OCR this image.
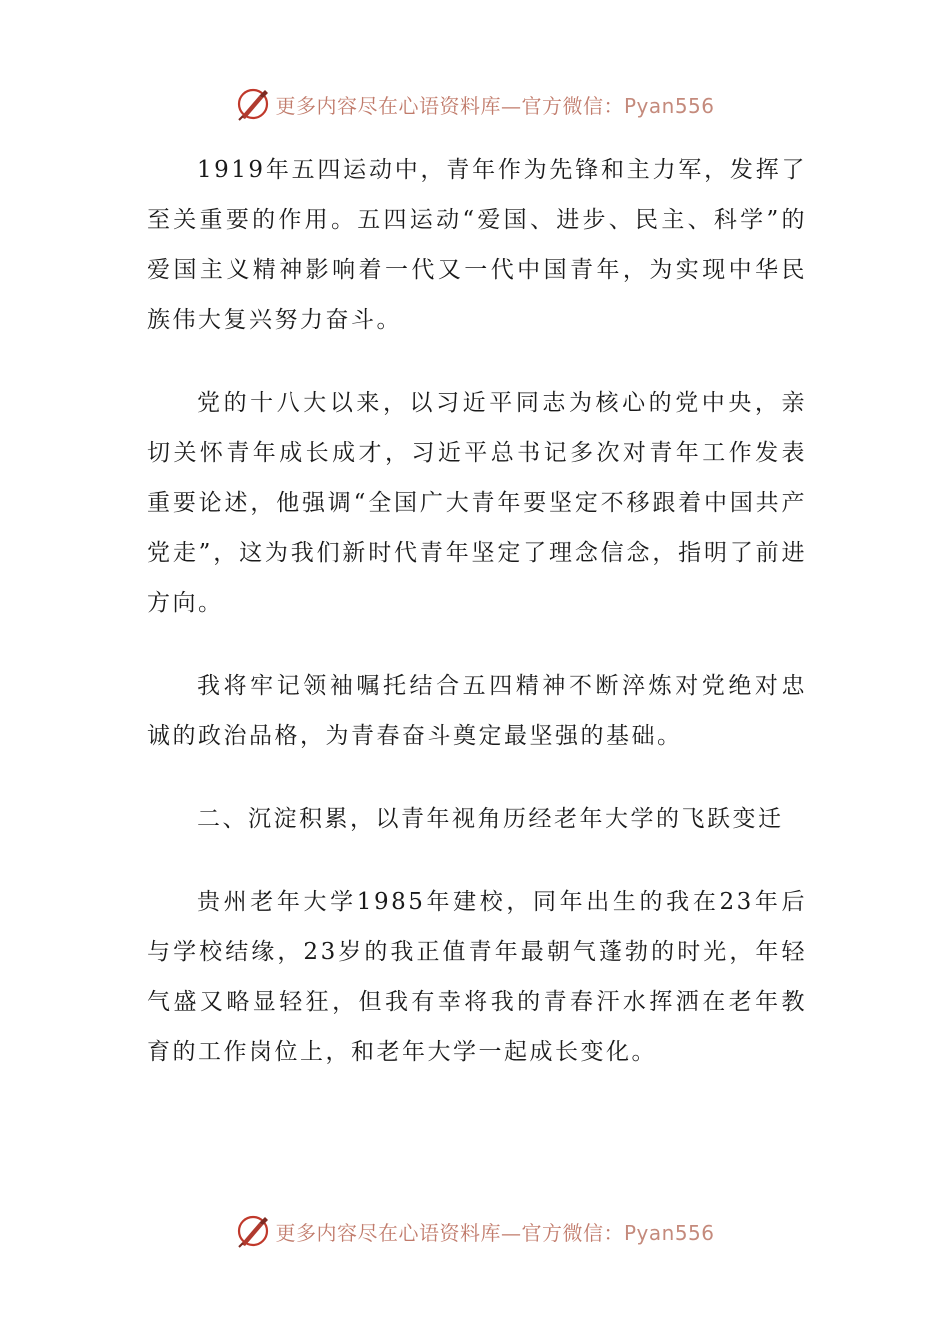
更多内容尽在心语资料库—官方微信：Pyan556

1919年五四运动中，青年作为先锋和主力军，发挥了至关重要的作用。五四运动“爱国、进步、民主、科学”的爱国主义精神影响着一代又一代中国青年，为实现中华民族伟大复兴努力奋斗。

党的十八大以来，以习近平同志为核心的党中央，亲切关怀青年成长成才，习近平总书记多次对青年工作发表重要论述，他强调“全国广大青年要坚定不移跟着中国共产党走”，这为我们新时代青年坚定了理念信念，指明了前进方向。

我将牢记领袖嘱托结合五四精神不断淬炼对党绝对忠诚的政治品格，为青春奋斗奠定最坚强的基础。

二、沉淀积累，以青年视角历经老年大学的飞跃变迁

贵州老年大学1985年建校，同年出生的我在23年后与学校结缘，23岁的我正值青年最朝气蓬勃的时光，年轻气盛又略显轻狂，但我有幸将我的青春汗水挥洒在老年教育的工作岗位上，和老年大学一起成长变化。

更多内容尽在心语资料库—官方微信：Pyan556
